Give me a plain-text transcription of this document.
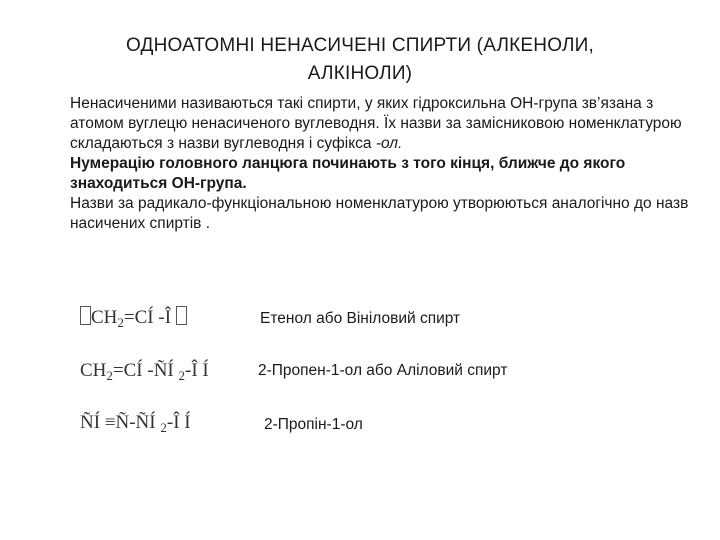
ОДНОАТОМНІ НЕНАСИЧЕНІ СПИРТИ (АЛКЕНОЛИ,
АЛКІНОЛИ)

Ненасиченими називаються такі спирти, у яких гідроксильна ОН-група зв’язана з атомом вуглецю ненасиченого вуглеводня. Їх назви за замісниковою номенклатурою складаються з назви вуглеводня і суфікса -ол.

Нумерацію головного ланцюга починають з того кінця, ближче до якого знаходиться ОН-група.

Назви за радикало-функціональною номенклатурою утворюються аналогічно до назв насичених спиртів .

$CH_2=CÍ$ -Î	Етенол або Вініловий спирт
$CH_2=CÍ$ -ÑÍ $_2$-Î Í	2-Пропен-1-ол або Аліловий спирт
ÑÍ ≡Ñ-ÑÍ $_2$-Î Í	2-Пропін-1-ол
